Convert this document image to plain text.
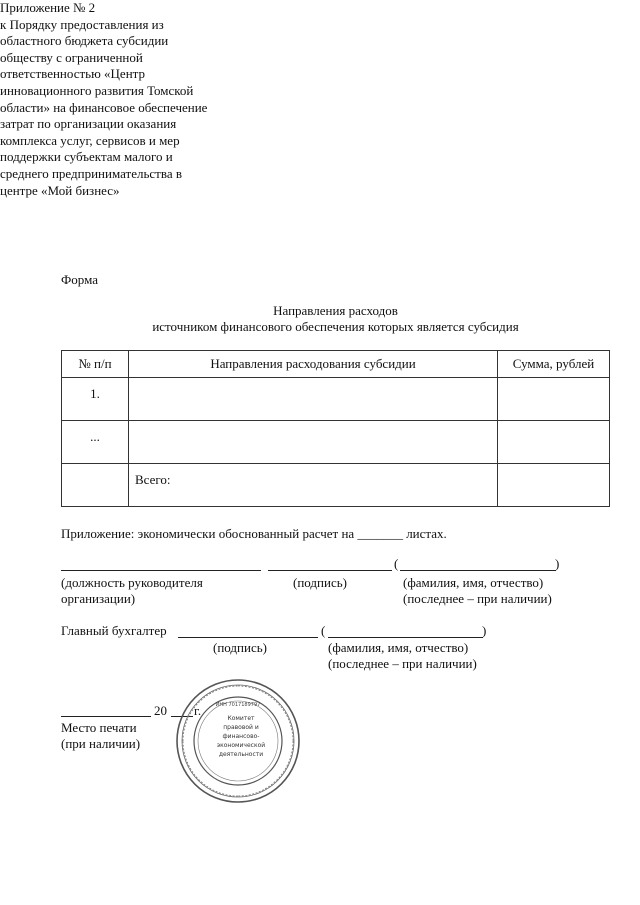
Приложение № 2
к Порядку предоставления из
областного бюджета субсидии
обществу с ограниченной
ответственностью «Центр
инновационного развития Томской
области» на финансовое обеспечение
затрат по организации оказания
комплекса услуг, сервисов и мер
поддержки субъектам малого и
среднего предпринимательства в
центре «Мой бизнес»
Форма
Направления расходов
источником финансового обеспечения которых является субсидия
№ п/п	Направления расходования субсидии	Сумма, рублей
1.		
...		
	Всего:	
Приложение: экономически обоснованный расчет на _______ листах.
(	)
(должность руководителя
организации)
(подпись)	(фамилия, имя, отчество)
(последнее – при наличии)
Главный бухгалтер	(	)
(подпись)	(фамилия, имя, отчество)
(последнее – при наличии)
20 г.
Место печати
(при наличии)
ИНН 7017189797
Комитет
правовой и
финансово-
экономической
деятельности
